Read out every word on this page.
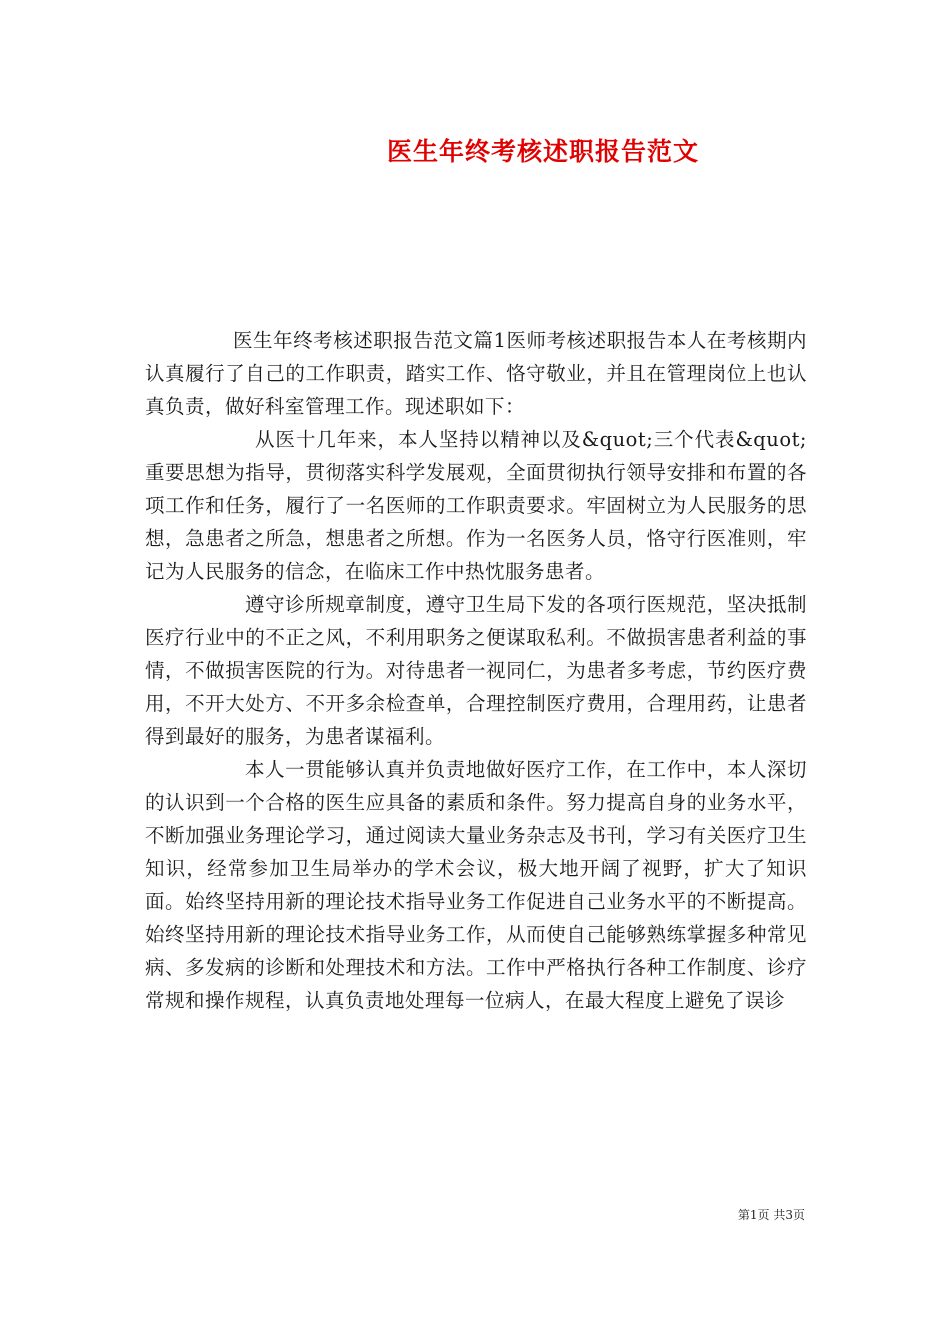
医生年终考核述职报告范文

医生年终考核述职报告范文篇1医师考核述职报告本人在考核期内认真履行了自己的工作职责，踏实工作、恪守敬业，并且在管理岗位上也认真负责，做好科室管理工作。现述职如下：

从医十几年来，本人坚持以精神以及&quot;三个代表&quot;重要思想为指导，贯彻落实科学发展观，全面贯彻执行领导安排和布置的各项工作和任务，履行了一名医师的工作职责要求。牢固树立为人民服务的思想，急患者之所急，想患者之所想。作为一名医务人员，恪守行医准则，牢记为人民服务的信念，在临床工作中热忱服务患者。

遵守诊所规章制度，遵守卫生局下发的各项行医规范，坚决抵制医疗行业中的不正之风，不利用职务之便谋取私利。不做损害患者利益的事情，不做损害医院的行为。对待患者一视同仁，为患者多考虑，节约医疗费用，不开大处方、不开多余检查单，合理控制医疗费用，合理用药，让患者得到最好的服务，为患者谋福利。

本人一贯能够认真并负责地做好医疗工作，在工作中，本人深切的认识到一个合格的医生应具备的素质和条件。努力提高自身的业务水平，不断加强业务理论学习，通过阅读大量业务杂志及书刊，学习有关医疗卫生知识，经常参加卫生局举办的学术会议，极大地开阔了视野，扩大了知识面。始终坚持用新的理论技术指导业务工作促进自己业务水平的不断提高。始终坚持用新的理论技术指导业务工作，从而使自己能够熟练掌握多种常见病、多发病的诊断和处理技术和方法。工作中严格执行各种工作制度、诊疗常规和操作规程，认真负责地处理每一位病人，在最大程度上避免了误诊

第1页 共3页
